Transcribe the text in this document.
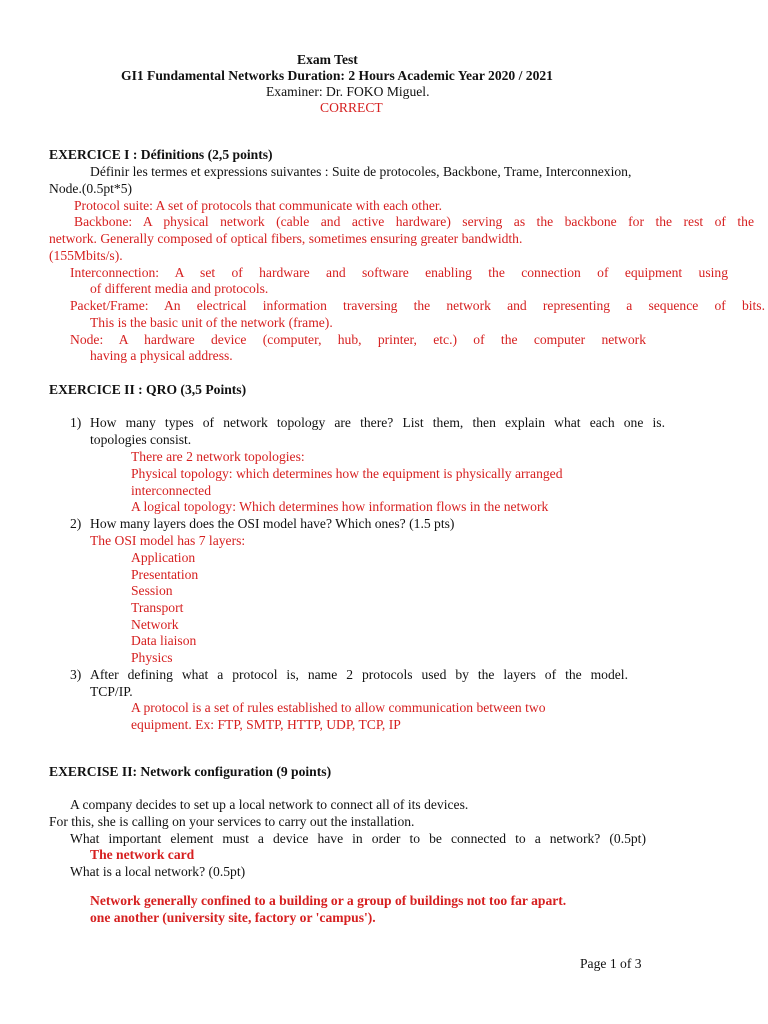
Exam Test
GI1 Fundamental Networks Duration: 2 Hours Academic Year 2020 / 2021
Examiner: Dr. FOKO Miguel.
CORRECT
EXERCICE I : Définitions (2,5 points)
Définir les termes et expressions suivantes : Suite de protocoles, Backbone, Trame, Interconnexion,
Node.(0.5pt*5)
Protocol suite: A set of protocols that communicate with each other.
Backbone: A physical network (cable and active hardware) serving as the backbone for the rest of the
network. Generally composed of optical fibers, sometimes ensuring greater bandwidth.
(155Mbits/s).
Interconnection: A set of hardware and software enabling the connection of equipment using
of different media and protocols.
Packet/Frame: An electrical information traversing the network and representing a sequence of bits.
This is the basic unit of the network (frame).
Node: A hardware device (computer, hub, printer, etc.) of the computer network
having a physical address.
EXERCICE II : QRO (3,5 Points)
1) How many types of network topology are there? List them, then explain what each one is.
topologies consist.
There are 2 network topologies:
Physical topology: which determines how the equipment is physically arranged
interconnected
A logical topology: Which determines how information flows in the network
2) How many layers does the OSI model have? Which ones? (1.5 pts)
The OSI model has 7 layers:
Application
Presentation
Session
Transport
Network
Data liaison
Physics
3) After defining what a protocol is, name 2 protocols used by the layers of the model.
TCP/IP.
A protocol is a set of rules established to allow communication between two
equipment. Ex: FTP, SMTP, HTTP, UDP, TCP, IP
EXERCISE II: Network configuration (9 points)
A company decides to set up a local network to connect all of its devices.
For this, she is calling on your services to carry out the installation.
What important element must a device have in order to be connected to a network? (0.5pt)
The network card
What is a local network? (0.5pt)
Network generally confined to a building or a group of buildings not too far apart.
one another (university site, factory or 'campus').
Page 1 of 3
